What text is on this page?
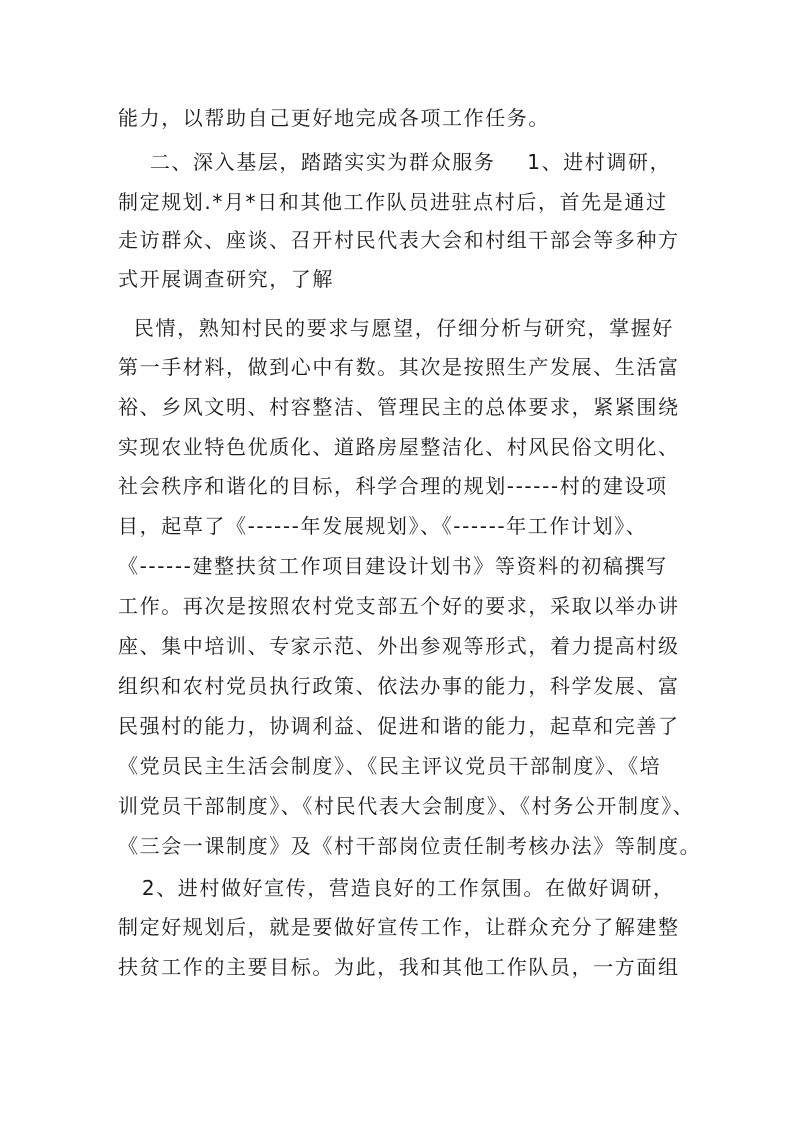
能力，以帮助自己更好地完成各项工作任务。
二、深入基层，踏踏实实为群众服务    1、进村调研，
制定规划.*月*日和其他工作队员进驻点村后，首先是通过
走访群众、座谈、召开村民代表大会和村组干部会等多种方
式开展调查研究，了解
民情，熟知村民的要求与愿望，仔细分析与研究，掌握好
第一手材料，做到心中有数。其次是按照生产发展、生活富
裕、乡风文明、村容整洁、管理民主的总体要求，紧紧围绕
实现农业特色优质化、道路房屋整洁化、村风民俗文明化、
社会秩序和谐化的目标，科学合理的规划------村的建设项
目，起草了《------年发展规划》、《------年工作计划》、
《------建整扶贫工作项目建设计划书》等资料的初稿撰写
工作。再次是按照农村党支部五个好的要求，采取以举办讲
座、集中培训、专家示范、外出参观等形式，着力提高村级
组织和农村党员执行政策、依法办事的能力，科学发展、富
民强村的能力，协调利益、促进和谐的能力，起草和完善了
《党员民主生活会制度》、《民主评议党员干部制度》、《培
训党员干部制度》、《村民代表大会制度》、《村务公开制度》、
《三会一课制度》及《村干部岗位责任制考核办法》等制度。
2、进村做好宣传，营造良好的工作氛围。在做好调研，
制定好规划后，就是要做好宣传工作，让群众充分了解建整
扶贫工作的主要目标。为此，我和其他工作队员，一方面组
